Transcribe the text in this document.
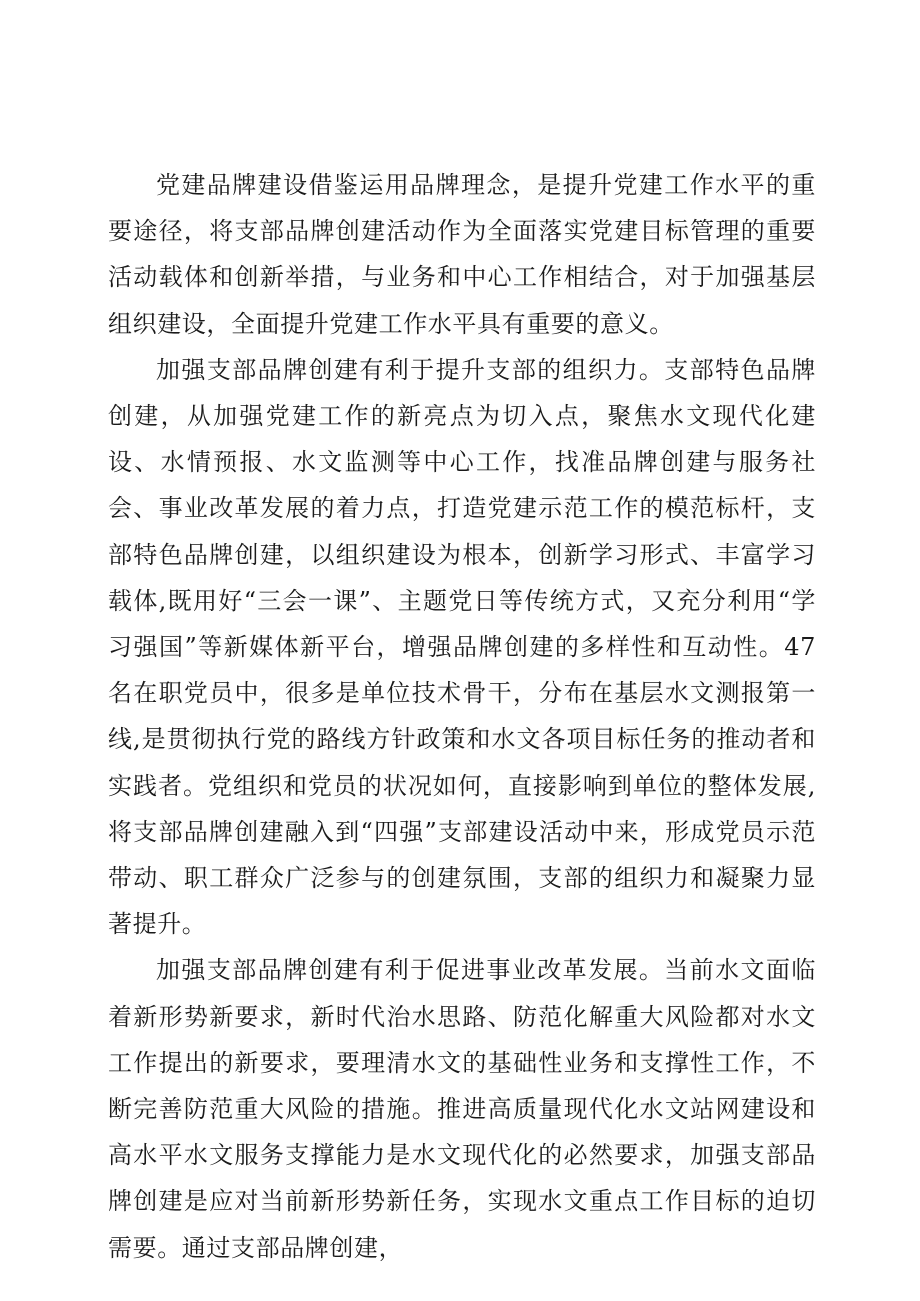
党建品牌建设借鉴运用品牌理念，是提升党建工作水平的重要途径，将支部品牌创建活动作为全面落实党建目标管理的重要活动载体和创新举措，与业务和中心工作相结合，对于加强基层组织建设，全面提升党建工作水平具有重要的意义。

加强支部品牌创建有利于提升支部的组织力。支部特色品牌创建，从加强党建工作的新亮点为切入点，聚焦水文现代化建设、水情预报、水文监测等中心工作，找准品牌创建与服务社会、事业改革发展的着力点，打造党建示范工作的模范标杆，支部特色品牌创建，以组织建设为根本，创新学习形式、丰富学习载体,既用好“三会一课”、主题党日等传统方式，又充分利用“学习强国”等新媒体新平台，增强品牌创建的多样性和互动性。47名在职党员中，很多是单位技术骨干，分布在基层水文测报第一线,是贯彻执行党的路线方针政策和水文各项目标任务的推动者和实践者。党组织和党员的状况如何，直接影响到单位的整体发展,将支部品牌创建融入到“四强”支部建设活动中来，形成党员示范带动、职工群众广泛参与的创建氛围，支部的组织力和凝聚力显著提升。

加强支部品牌创建有利于促进事业改革发展。当前水文面临着新形势新要求，新时代治水思路、防范化解重大风险都对水文工作提出的新要求，要理清水文的基础性业务和支撑性工作，不断完善防范重大风险的措施。推进高质量现代化水文站网建设和高水平水文服务支撑能力是水文现代化的必然要求，加强支部品牌创建是应对当前新形势新任务，实现水文重点工作目标的迫切需要。通过支部品牌创建，
